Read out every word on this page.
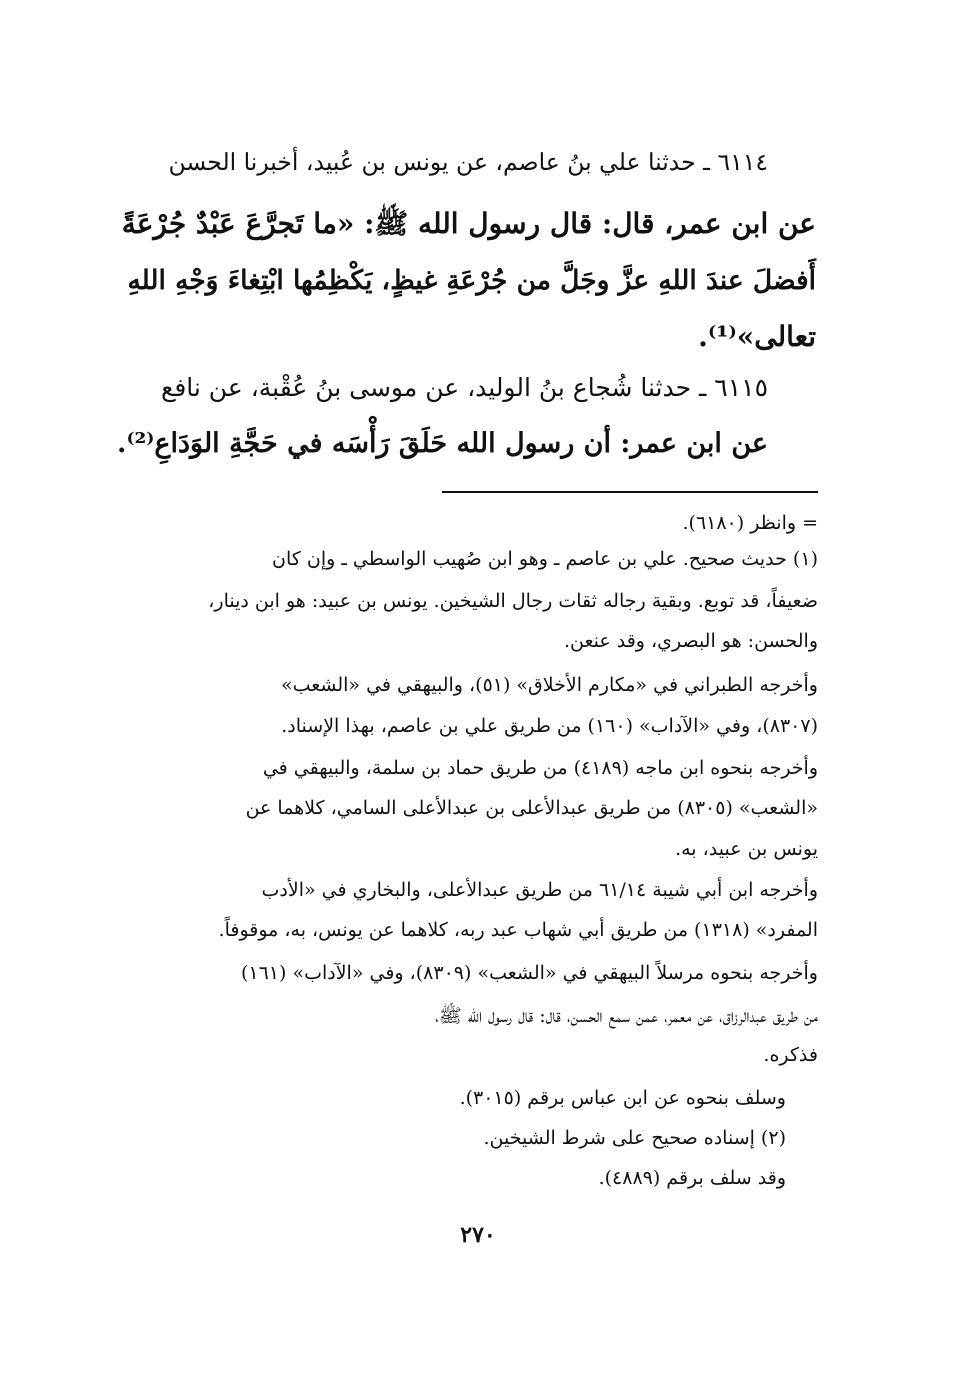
٦١١٤ ـ حدثنا علي بنُ عاصم، عن يونس بن عُبيد، أخبرنا الحسن
عن ابن عمر، قال: قال رسول الله ﷺ: «ما تَجرَّعَ عَبْدٌ جُرْعَةً
أَفضلَ عندَ اللهِ عزَّ وجَلَّ من جُرْعَةِ غيظٍ، يَكْظِمُها ابْتِغاءَ وَجْهِ اللهِ
تعالى»⁽¹⁾.
٦١١٥ ـ حدثنا شُجاع بنُ الوليد، عن موسى بنُ عُقْبة، عن نافع
عن ابن عمر: أن رسول الله حَلَقَ رَأْسَه في حَجَّةِ الوَدَاعِ⁽²⁾.
= وانظر (٦١٨٠).
(١) حديث صحيح. علي بن عاصم ـ وهو ابن صُهيب الواسطي ـ وإن كان
ضعيفاً، قد توبع. وبقية رجاله ثقات رجال الشيخين. يونس بن عبيد: هو ابن دينار،
والحسن: هو البصري، وقد عنعن.
وأخرجه الطبراني في «مكارم الأخلاق» (٥١)، والبيهقي في «الشعب»
(٨٣٠٧)، وفي «الآداب» (١٦٠) من طريق علي بن عاصم، بهذا الإسناد.
وأخرجه بنحوه ابن ماجه (٤١٨٩) من طريق حماد بن سلمة، والبيهقي في
«الشعب» (٨٣٠٥) من طريق عبدالأعلى بن عبدالأعلى السامي، كلاهما عن
يونس بن عبيد، به.
وأخرجه ابن أبي شيبة ٦١/١٤ من طريق عبدالأعلى، والبخاري في «الأدب
المفرد» (١٣١٨) من طريق أبي شهاب عبد ربه، كلاهما عن يونس، به، موقوفاً.
وأخرجه بنحوه مرسلاً البيهقي في «الشعب» (٨٣٠٩)، وفي «الآداب» (١٦١)
من طريق عبدالرزاق، عن معمر، عمن سمع الحسن، قال: قال رسول الله ﷺ،
فذكره.
وسلف بنحوه عن ابن عباس برقم (٣٠١٥).
(٢) إسناده صحيح على شرط الشيخين.
وقد سلف برقم (٤٨٨٩).
٢٧٠
